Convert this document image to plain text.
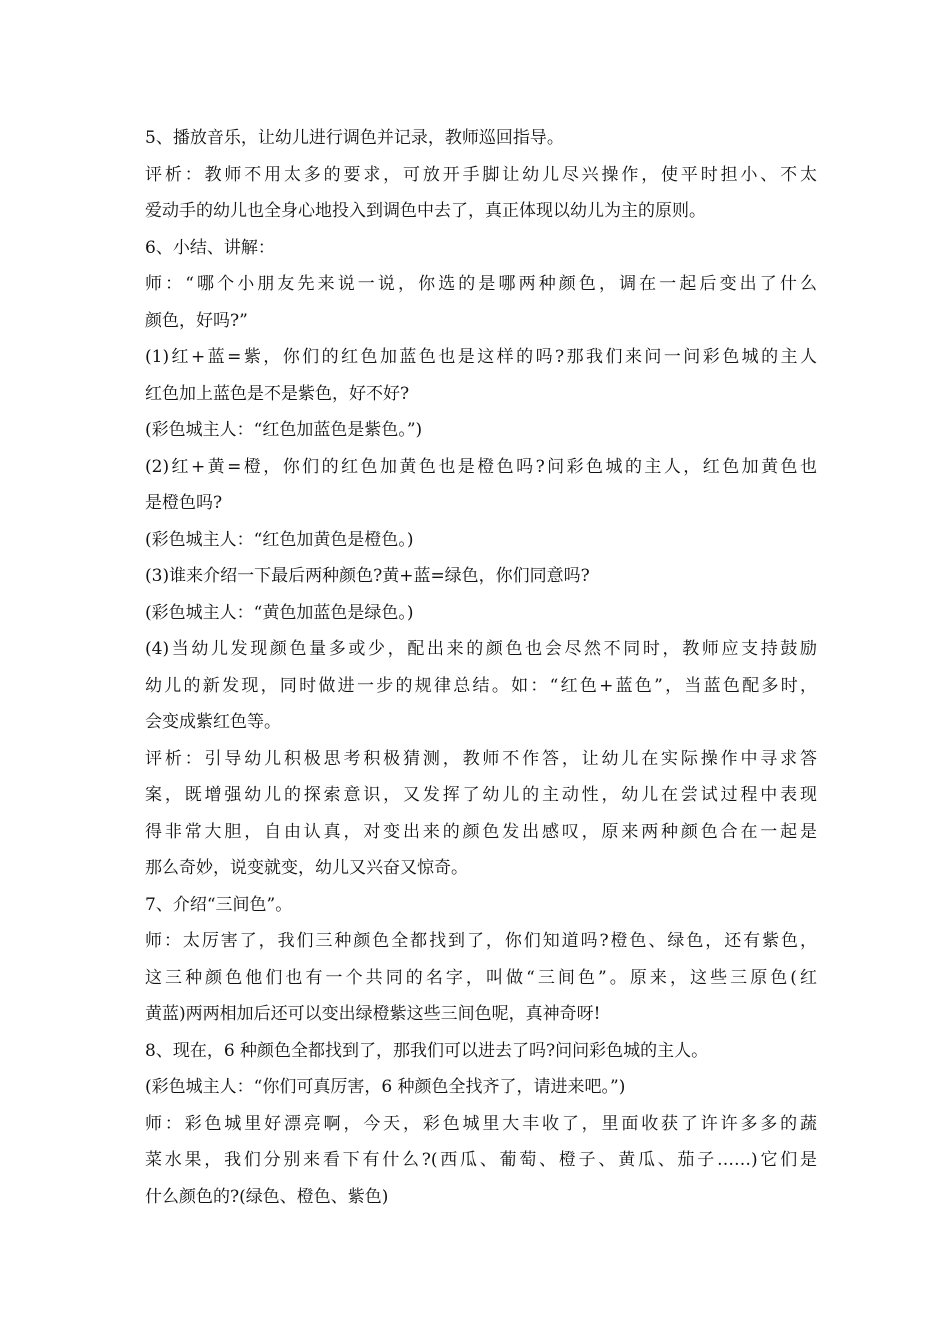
5、播放音乐，让幼儿进行调色并记录，教师巡回指导。
评析：教师不用太多的要求，可放开手脚让幼儿尽兴操作，使平时担小、不太
爱动手的幼儿也全身心地投入到调色中去了，真正体现以幼儿为主的原则。
6、小结、讲解：
师：“哪个小朋友先来说一说，你选的是哪两种颜色，调在一起后变出了什么
颜色，好吗?”
(1)红+蓝=紫，你们的红色加蓝色也是这样的吗?那我们来问一问彩色城的主人
红色加上蓝色是不是紫色，好不好?
(彩色城主人：“红色加蓝色是紫色。”)
(2)红+黄=橙，你们的红色加黄色也是橙色吗?问彩色城的主人，红色加黄色也
是橙色吗?
(彩色城主人：“红色加黄色是橙色。)
(3)谁来介绍一下最后两种颜色?黄+蓝=绿色，你们同意吗?
(彩色城主人：“黄色加蓝色是绿色。)
(4)当幼儿发现颜色量多或少，配出来的颜色也会尽然不同时，教师应支持鼓励
幼儿的新发现，同时做进一步的规律总结。如：“红色+蓝色”，当蓝色配多时，
会变成紫红色等。
评析：引导幼儿积极思考积极猜测，教师不作答，让幼儿在实际操作中寻求答
案，既增强幼儿的探索意识，又发挥了幼儿的主动性，幼儿在尝试过程中表现
得非常大胆，自由认真，对变出来的颜色发出感叹，原来两种颜色合在一起是
那么奇妙，说变就变，幼儿又兴奋又惊奇。
7、介绍“三间色”。
师：太厉害了，我们三种颜色全都找到了，你们知道吗?橙色、绿色，还有紫色，
这三种颜色他们也有一个共同的名字，叫做“三间色”。原来，这些三原色(红
黄蓝)两两相加后还可以变出绿橙紫这些三间色呢，真神奇呀!
8、现在，6 种颜色全都找到了，那我们可以进去了吗?问问彩色城的主人。
(彩色城主人：“你们可真厉害，6 种颜色全找齐了，请进来吧。”)
师：彩色城里好漂亮啊，今天，彩色城里大丰收了，里面收获了许许多多的蔬
菜水果，我们分别来看下有什么?(西瓜、葡萄、橙子、黄瓜、茄子……)它们是
什么颜色的?(绿色、橙色、紫色)
